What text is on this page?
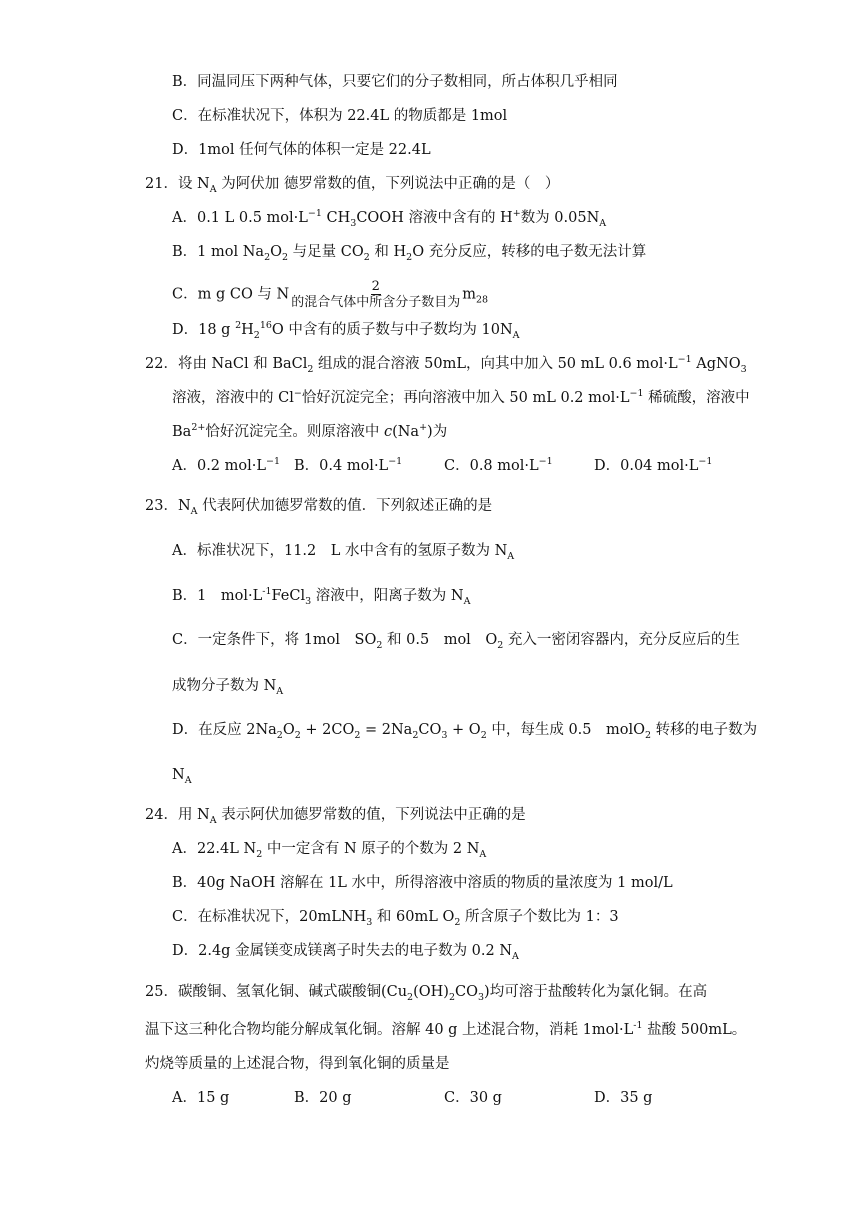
B．同温同压下两种气体，只要它们的分子数相同，所占体积几乎相同
C．在标准状况下，体积为 22.4L 的物质都是 1mol
D．1mol 任何气体的体积一定是 22.4L
21．设 $N_A$ 为阿伏加 德罗常数的值，下列说法中正确的是（　）
A．0.1 L 0.5 $mol\cdot L^{-1}$ $CH_3COOH$ 溶液中含有的 H+数为 $0.05N_A$
B．1 mol $Na_2O_2$ 与足量 $CO_2$ 和 $H_2O$ 充分反应，转移的电子数无法计算
C．m g CO 与 N $\frac{2}{\text{的混合气体中所含分子数目为}} m_{28}$
D．18 g $^2H_2^{16}O$ 中含有的质子数与中子数均为 $10N_A$
22．将由 NaCl 和 BaCl$_2$ 组成的混合溶液 50mL，向其中加入 50 mL 0.6 $mol\cdot L^{-1}$ AgNO$_3$
溶液，溶液中的 Cl−恰好沉淀完全；再向溶液中加入 50 mL 0.2 $mol\cdot L^{-1}$ 稀硫酸，溶液中
$Ba^{2+}$恰好沉淀完全。则原溶液中 c(Na+)为
A．0.2 $mol\cdot L^{-1}$ B．0.4 $mol\cdot L^{-1}$	C．0.8 $mol\cdot L^{-1}$	D．0.04 $mol\cdot L^{-1}$
23．$N_A$ 代表阿伏加德罗常数的值．下列叙述正确的是
A．标准状况下，11.2　L 水中含有的氢原子数为 $N_A$
B．1　$mol\cdot L^{-1}FeCl_3$ 溶液中，阳离子数为 $N_A$
C．一定条件下，将 1mol　$SO_2$ 和 0.5　mol　$O_2$ 充入一密闭容器内，充分反应后的生
成物分子数为 $N_A$
D．在反应 $2Na_2O_2 + 2CO_2 = 2Na_2CO_3 + O_2$ 中，每生成 0.5　molO$_2$ 转移的电子数为
$N_A$
24．用 $N_A$ 表示阿伏加德罗常数的值，下列说法中正确的是
A．22.4L $N_2$ 中一定含有 N 原子的个数为 2 $N_A$
B．40g NaOH 溶解在 1L 水中，所得溶液中溶质的物质的量浓度为 1 mol/L
C．在标准状况下，20mLNH$_3$ 和 60mL $O_2$ 所含原子个数比为 1：3
D．2.4g 金属镁变成镁离子时失去的电子数为 0.2 $N_A$
25．碳酸铜、氢氧化铜、碱式碳酸铜$(Cu_2(OH)_2CO_3)$均可溶于盐酸转化为氯化铜。在高
温下这三种化合物均能分解成氧化铜。溶解 40 g 上述混合物，消耗 $1mol\cdot L^{-1}$ 盐酸 500mL。
灼烧等质量的上述混合物，得到氧化铜的质量是
A．15 g	B．20 g	C．30 g	D．35 g
